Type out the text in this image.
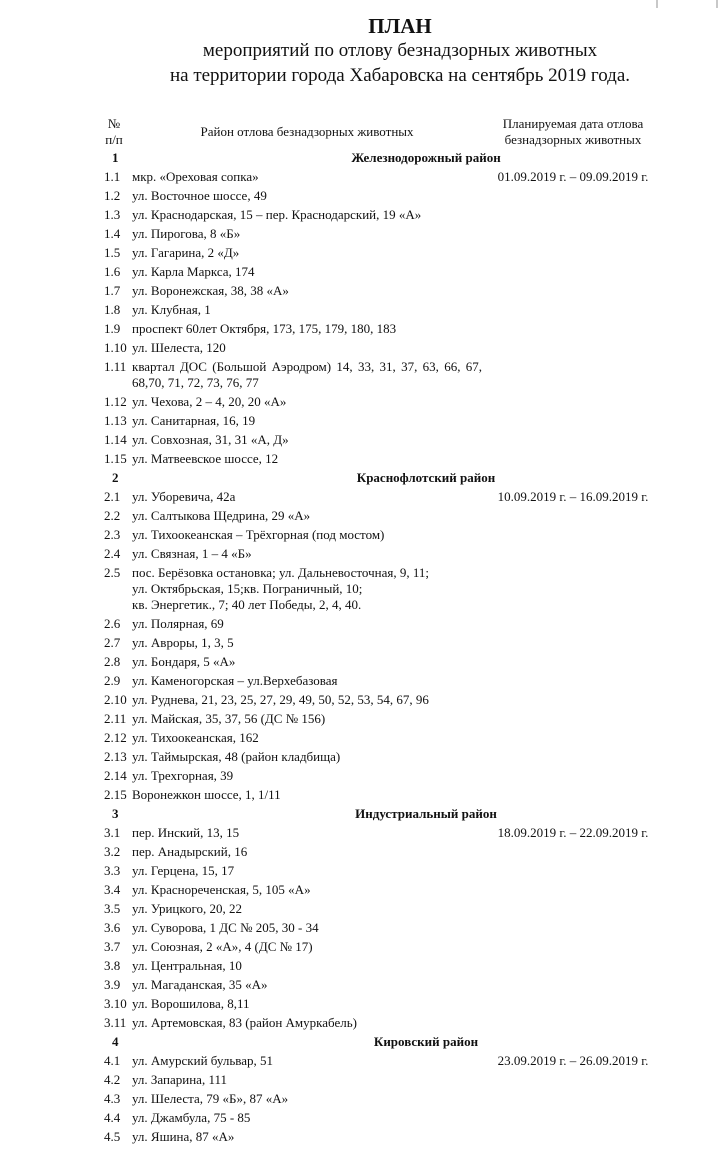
ПЛАН
мероприятий по отлову безнадзорных животных
на территории города Хабаровска на сентябрь 2019 года.
№
п/п	Район отлова безнадзорных животных	Планируемая дата отлова
безнадзорных животных
1	Железнодорожный район	
1.1	мкр. «Ореховая сопка»	01.09.2019 г. – 09.09.2019 г.
1.2	ул. Восточное шоссе, 49	
1.3	ул. Краснодарская, 15 – пер. Краснодарский, 19 «А»	
1.4	ул. Пирогова, 8 «Б»	
1.5	ул. Гагарина, 2 «Д»	
1.6	ул. Карла Маркса, 174	
1.7	ул. Воронежская, 38, 38 «А»	
1.8	ул. Клубная, 1	
1.9	проспект 60лет Октября, 173, 175, 179, 180, 183	
1.10	ул. Шелеста, 120	
1.11	квартал ДОС (Большой Аэродром) 14, 33, 31, 37, 63, 66, 67, 68,70, 71, 72, 73, 76, 77	
1.12	ул. Чехова, 2 – 4, 20, 20 «А»	
1.13	ул. Санитарная, 16, 19	
1.14	ул. Совхозная, 31, 31 «А, Д»	
1.15	ул. Матвеевское шоссе, 12	
2	Краснофлотский район	
2.1	ул. Уборевича, 42а	10.09.2019 г. – 16.09.2019 г.
2.2	ул. Салтыкова Щедрина, 29 «А»	
2.3	ул. Тихоокеанская – Трёхгорная (под мостом)	
2.4	ул. Связная, 1 – 4 «Б»	
2.5	пос. Берёзовка остановка; ул. Дальневосточная, 9, 11;
ул. Октябрьская, 15;кв. Пограничный, 10;
кв. Энергетик., 7; 40 лет Победы, 2, 4, 40.	
2.6	ул. Полярная, 69	
2.7	ул. Авроры, 1, 3, 5	
2.8	ул. Бондаря, 5 «А»	
2.9	ул. Каменогорская – ул.Верхебазовая	
2.10	ул. Руднева, 21, 23, 25, 27, 29, 49, 50, 52, 53, 54, 67, 96	
2.11	ул. Майская, 35, 37, 56 (ДС № 156)	
2.12	ул. Тихоокеанская, 162	
2.13	ул. Таймырская, 48 (район кладбища)	
2.14	ул. Трехгорная, 39	
2.15	Воронежкон шоссе, 1, 1/11	
3	Индустриальный район	
3.1	пер. Инский, 13, 15	18.09.2019 г. – 22.09.2019 г.
3.2	пер. Анадырский, 16	
3.3	ул. Герцена, 15, 17	
3.4	ул. Краснореченская, 5, 105 «А»	
3.5	ул. Урицкого, 20, 22	
3.6	ул. Суворова, 1 ДС № 205, 30 - 34	
3.7	ул. Союзная, 2 «А», 4 (ДС № 17)	
3.8	ул. Центральная, 10	
3.9	ул. Магаданская, 35 «А»	
3.10	ул. Ворошилова, 8,11	
3.11	ул. Артемовская, 83 (район Амуркабель)	
4	Кировский район	
4.1	ул. Амурский бульвар, 51	23.09.2019 г. – 26.09.2019 г.
4.2	ул. Запарина, 111	
4.3	ул. Шелеста, 79 «Б», 87 «А»	
4.4	ул. Джамбула, 75 - 85	
4.5	ул. Яшина, 87 «А»	
